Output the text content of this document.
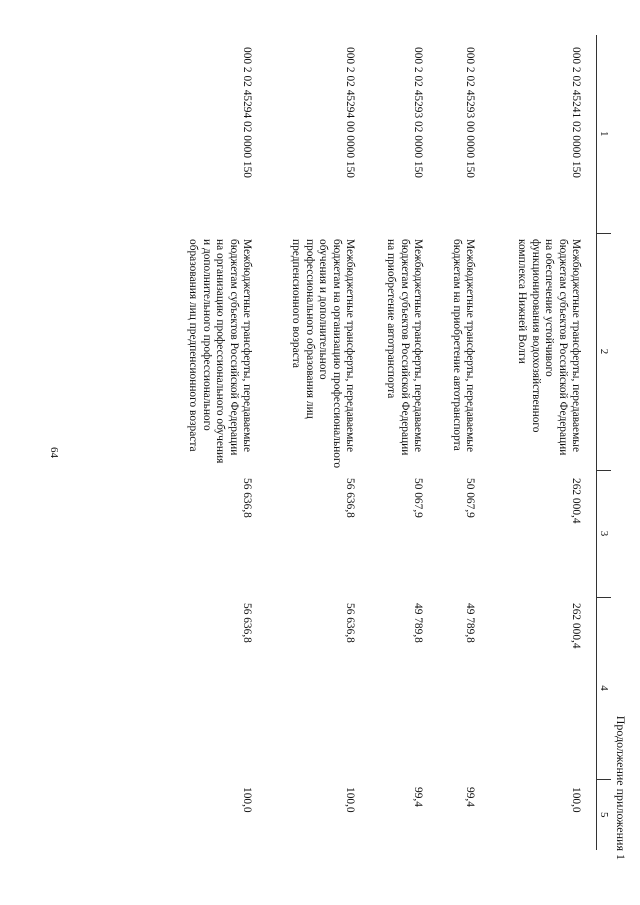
Продолжение приложения 1
1	2	3	4	5

000 2 02 45241 02 0000 150	Межбюджетные трансферты, передаваемые
бюджетам субъектов Российской Федерации
на обеспечение устойчивого
функционирования водохозяйственного
комплекса Нижней Волги	262 000,4	262 000,4	100,0

000 2 02 45293 00 0000 150	Межбюджетные трансферты, передаваемые
бюджетам на приобретение автотранспорта	50 067,9	49 789,8	99,4

000 2 02 45293 02 0000 150	Межбюджетные трансферты, передаваемые
бюджетам субъектов Российской Федерации
на приобретение автотранспорта	50 067,9	49 789,8	99,4

000 2 02 45294 00 0000 150	Межбюджетные трансферты, передаваемые
бюджетам на организацию профессионального
обучения и дополнительного
профессионального образования лиц
предпенсионного возраста	56 636,8	56 636,8	100,0

000 2 02 45294 02 0000 150	Межбюджетные трансферты, передаваемые
бюджетам субъектов Российской Федерации
на организацию профессионального обучения
и дополнительного профессионального
образования лиц предпенсионного возраста	56 636,8	56 636,8	100,0
64
